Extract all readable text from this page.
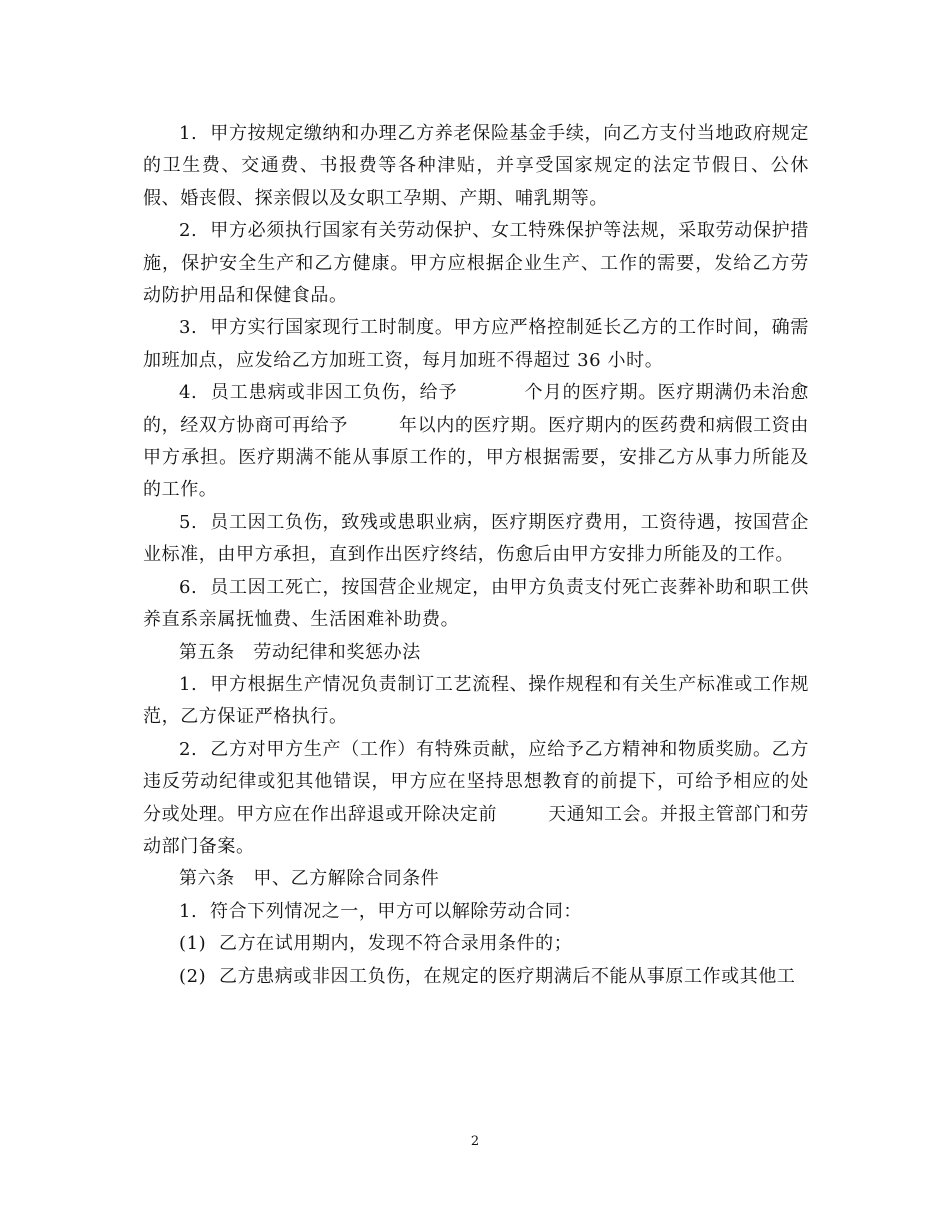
1.  甲方按规定缴纳和办理乙方养老保险基金手续，向乙方支付当地政府规定的卫生费、交通费、书报费等各种津贴，并享受国家规定的法定节假日、公休假、婚丧假、探亲假以及女职工孕期、产期、哺乳期等。

2.  甲方必须执行国家有关劳动保护、女工特殊保护等法规，采取劳动保护措施，保护安全生产和乙方健康。甲方应根据企业生产、工作的需要，发给乙方劳动防护用品和保健食品。

3.  甲方实行国家现行工时制度。甲方应严格控制延长乙方的工作时间，确需加班加点，应发给乙方加班工资，每月加班不得超过 36 小时。

4.  员工患病或非因工负伤，给予          个月的医疗期。医疗期满仍未治愈的，经双方协商可再给予        年以内的医疗期。医疗期内的医药费和病假工资由甲方承担。医疗期满不能从事原工作的，甲方根据需要，安排乙方从事力所能及的工作。

5.  员工因工负伤，致残或患职业病，医疗期医疗费用，工资待遇，按国营企业标准，由甲方承担，直到作出医疗终结，伤愈后由甲方安排力所能及的工作。

6.  员工因工死亡，按国营企业规定，由甲方负责支付死亡丧葬补助和职工供养直系亲属抚恤费、生活困难补助费。

第五条　劳动纪律和奖惩办法

1.  甲方根据生产情况负责制订工艺流程、操作规程和有关生产标准或工作规范，乙方保证严格执行。

2.  乙方对甲方生产（工作）有特殊贡献，应给予乙方精神和物质奖励。乙方违反劳动纪律或犯其他错误，甲方应在坚持思想教育的前提下，可给予相应的处分或处理。甲方应在作出辞退或开除决定前        天通知工会。并报主管部门和劳动部门备案。

第六条　甲、乙方解除合同条件

1.  符合下列情况之一，甲方可以解除劳动合同：

(1)  乙方在试用期内，发现不符合录用条件的；

(2)  乙方患病或非因工负伤，在规定的医疗期满后不能从事原工作或其他工

2
